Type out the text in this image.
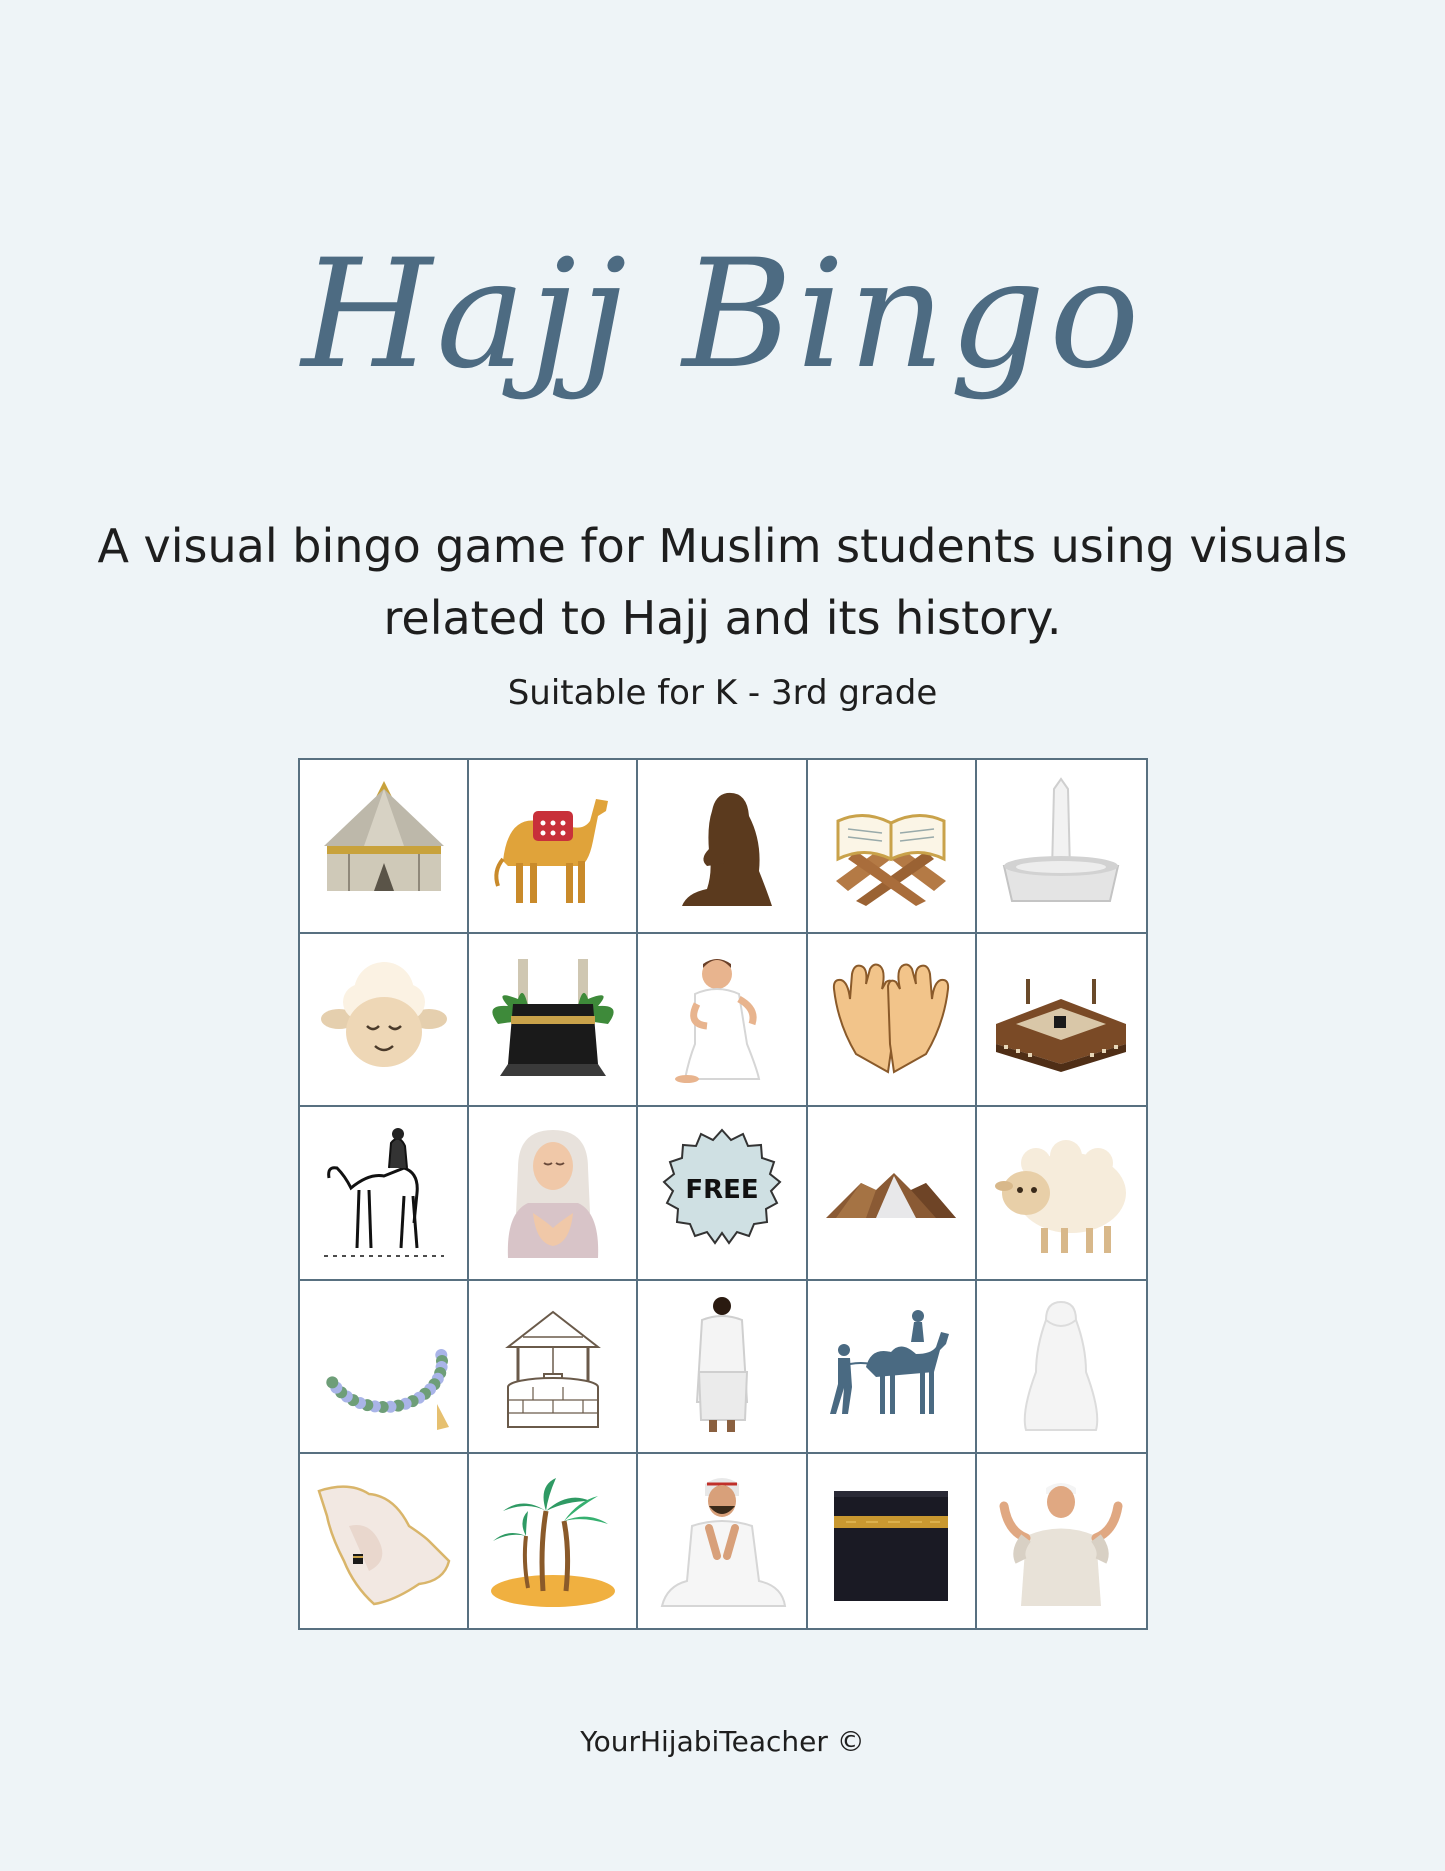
Hajj Bingo
A visual bingo game for Muslim students using visuals related to Hajj and its history.
Suitable for K - 3rd grade
FREE
YourHijabiTeacher ©
